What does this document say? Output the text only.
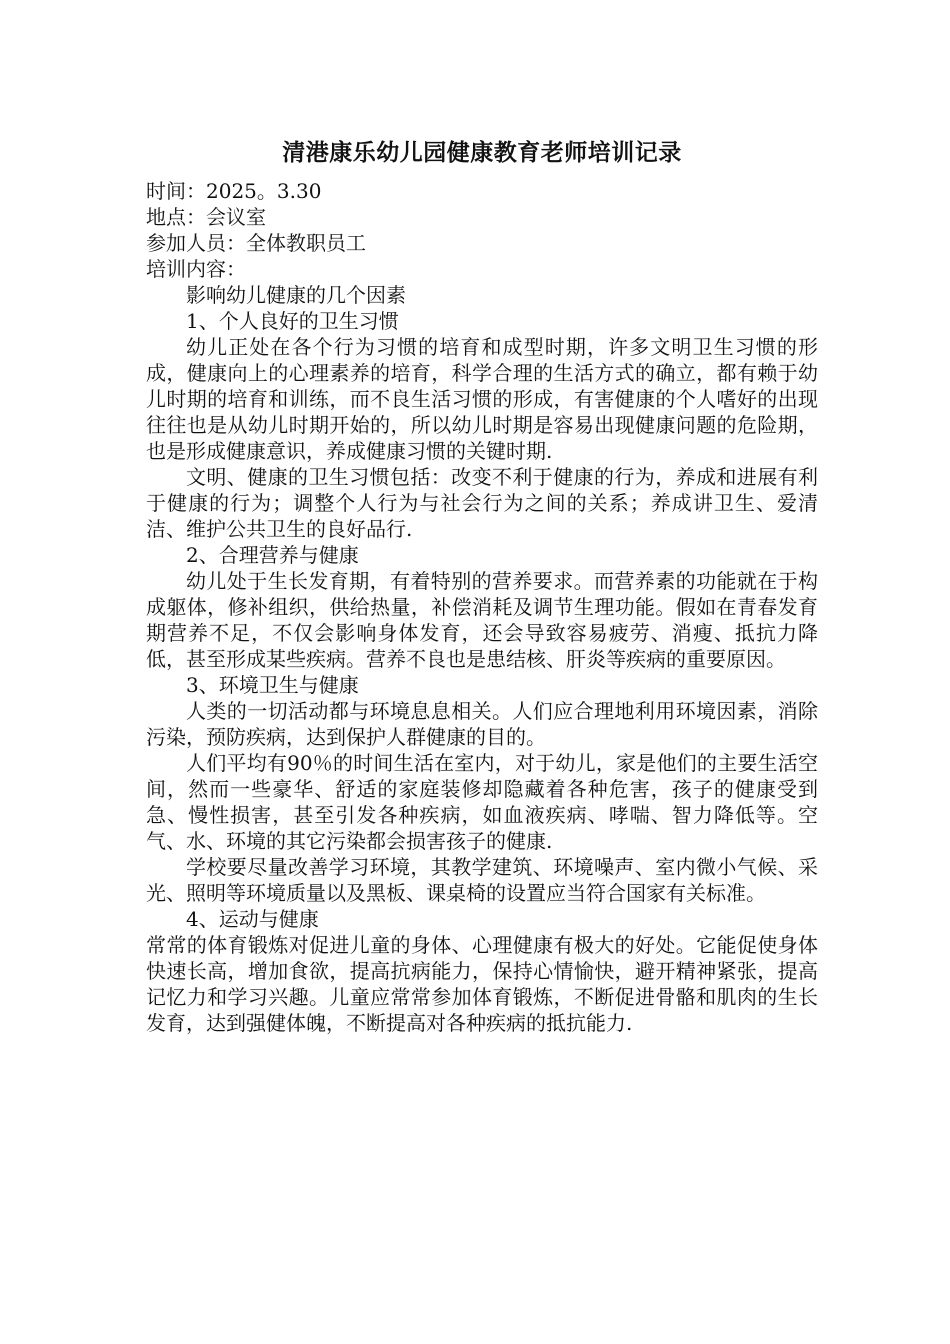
清港康乐幼儿园健康教育老师培训记录
时间：2025。3.30
地点：会议室
参加人员：全体教职员工
培训内容：

影响幼儿健康的几个因素

1、个人良好的卫生习惯

幼儿正处在各个行为习惯的培育和成型时期，许多文明卫生习惯的形成，健康向上的心理素养的培育，科学合理的生活方式的确立，都有赖于幼儿时期的培育和训练，而不良生活习惯的形成，有害健康的个人嗜好的出现往往也是从幼儿时期开始的，所以幼儿时期是容易出现健康问题的危险期，也是形成健康意识，养成健康习惯的关键时期.

文明、健康的卫生习惯包括：改变不利于健康的行为，养成和进展有利于健康的行为；调整个人行为与社会行为之间的关系；养成讲卫生、爱清洁、维护公共卫生的良好品行.

2、合理营养与健康

幼儿处于生长发育期，有着特别的营养要求。而营养素的功能就在于构成躯体，修补组织，供给热量，补偿消耗及调节生理功能。假如在青春发育期营养不足，不仅会影响身体发育，还会导致容易疲劳、消瘦、抵抗力降低，甚至形成某些疾病。营养不良也是患结核、肝炎等疾病的重要原因。

3、环境卫生与健康

人类的一切活动都与环境息息相关。人们应合理地利用环境因素，消除污染，预防疾病，达到保护人群健康的目的。

人们平均有90％的时间生活在室内，对于幼儿，家是他们的主要生活空间，然而一些豪华、舒适的家庭装修却隐藏着各种危害，孩子的健康受到急、慢性损害，甚至引发各种疾病，如血液疾病、哮喘、智力降低等。空气、水、环境的其它污染都会损害孩子的健康.

学校要尽量改善学习环境，其教学建筑、环境噪声、室内微小气候、采光、照明等环境质量以及黑板、课桌椅的设置应当符合国家有关标准。

4、运动与健康

常常的体育锻炼对促进儿童的身体、心理健康有极大的好处。它能促使身体快速长高，增加食欲，提高抗病能力，保持心情愉快，避开精神紧张，提高记忆力和学习兴趣。儿童应常常参加体育锻炼，不断促进骨骼和肌肉的生长发育，达到强健体魄，不断提高对各种疾病的抵抗能力.
